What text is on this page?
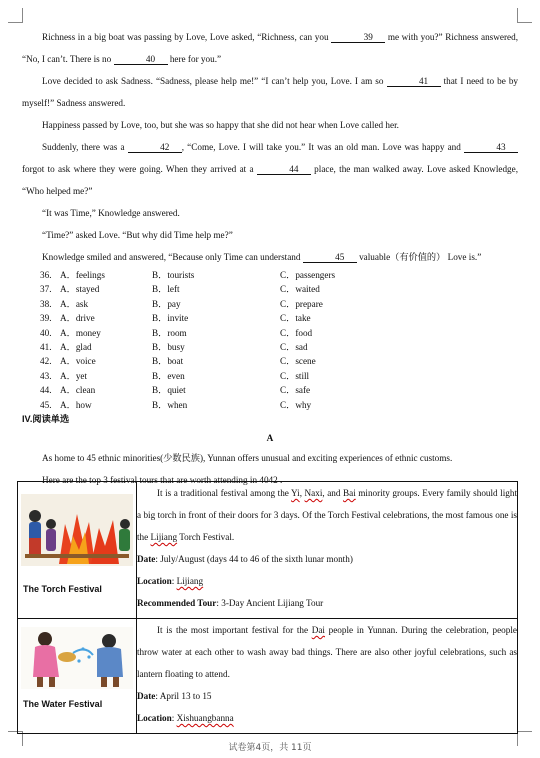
Richness in a big boat was passing by Love, Love asked, “Richness, can you	39 me with you?” Richness answered, “No, I can’t. There is no	40 here for you.”

Love decided to ask Sadness. “Sadness, please help me!” “I can’t help you, Love. I am so	41 that I need to be by myself!” Sadness answered.

Happiness passed by Love, too, but she was so happy that she did not hear when Love called her.

Suddenly, there was a	42 , “Come, Love. I will take you.” It was an old man. Love was happy and	43 forgot to ask where they were going. When they arrived at a	44 place, the man walked away. Love asked Knowledge, “Who helped me?”

“It was Time,” Knowledge answered.

“Time?” asked Love. “But why did Time help me?”

Knowledge smiled and answered, “Because only Time can understand	45 valuable（有价值的） Love is.”

36. A．feelings	B．tourists	C．passengers
37. A．stayed	B．left	C．waited
38. A．ask	B．pay	C．prepare
39. A．drive	B．invite	C．take
40. A．money	B．room	C．food
41. A．glad	B．busy	C．sad
42. A．voice	B．boat	C．scene
43. A．yet	B．even	C．still
44. A．clean	B．quiet	C．safe
45. A．how	B．when	C．why
IV.阅读单选
A

As home to 45 ethnic minorities(少数民族), Yunnan offers unusual and exciting experiences of ethnic customs.

Here are the top 3 festival tours that are worth attending in 4042 .

The Torch Festival	It is a traditional festival among the Yi, Naxi, and Bai minority groups. Every family should light a big torch in front of their doors for 3 days. Of the Torch Festival celebrations, the most famous one is the Lijiang Torch Festival.

Date: July/August (days 44 to 46 of the sixth lunar month)

Location: Lijiang

Recommended Tour: 3-Day Ancient Lijiang Tour

The Water Festival	It is the most important festival for the Dai people in Yunnan. During the celebration, people throw water at each other to wash away bad things. There are also other joyful celebrations, such as lantern floating to attend.

Date: April 13 to 15

Location: Xishuangbanna

试卷第4页，共 11页
